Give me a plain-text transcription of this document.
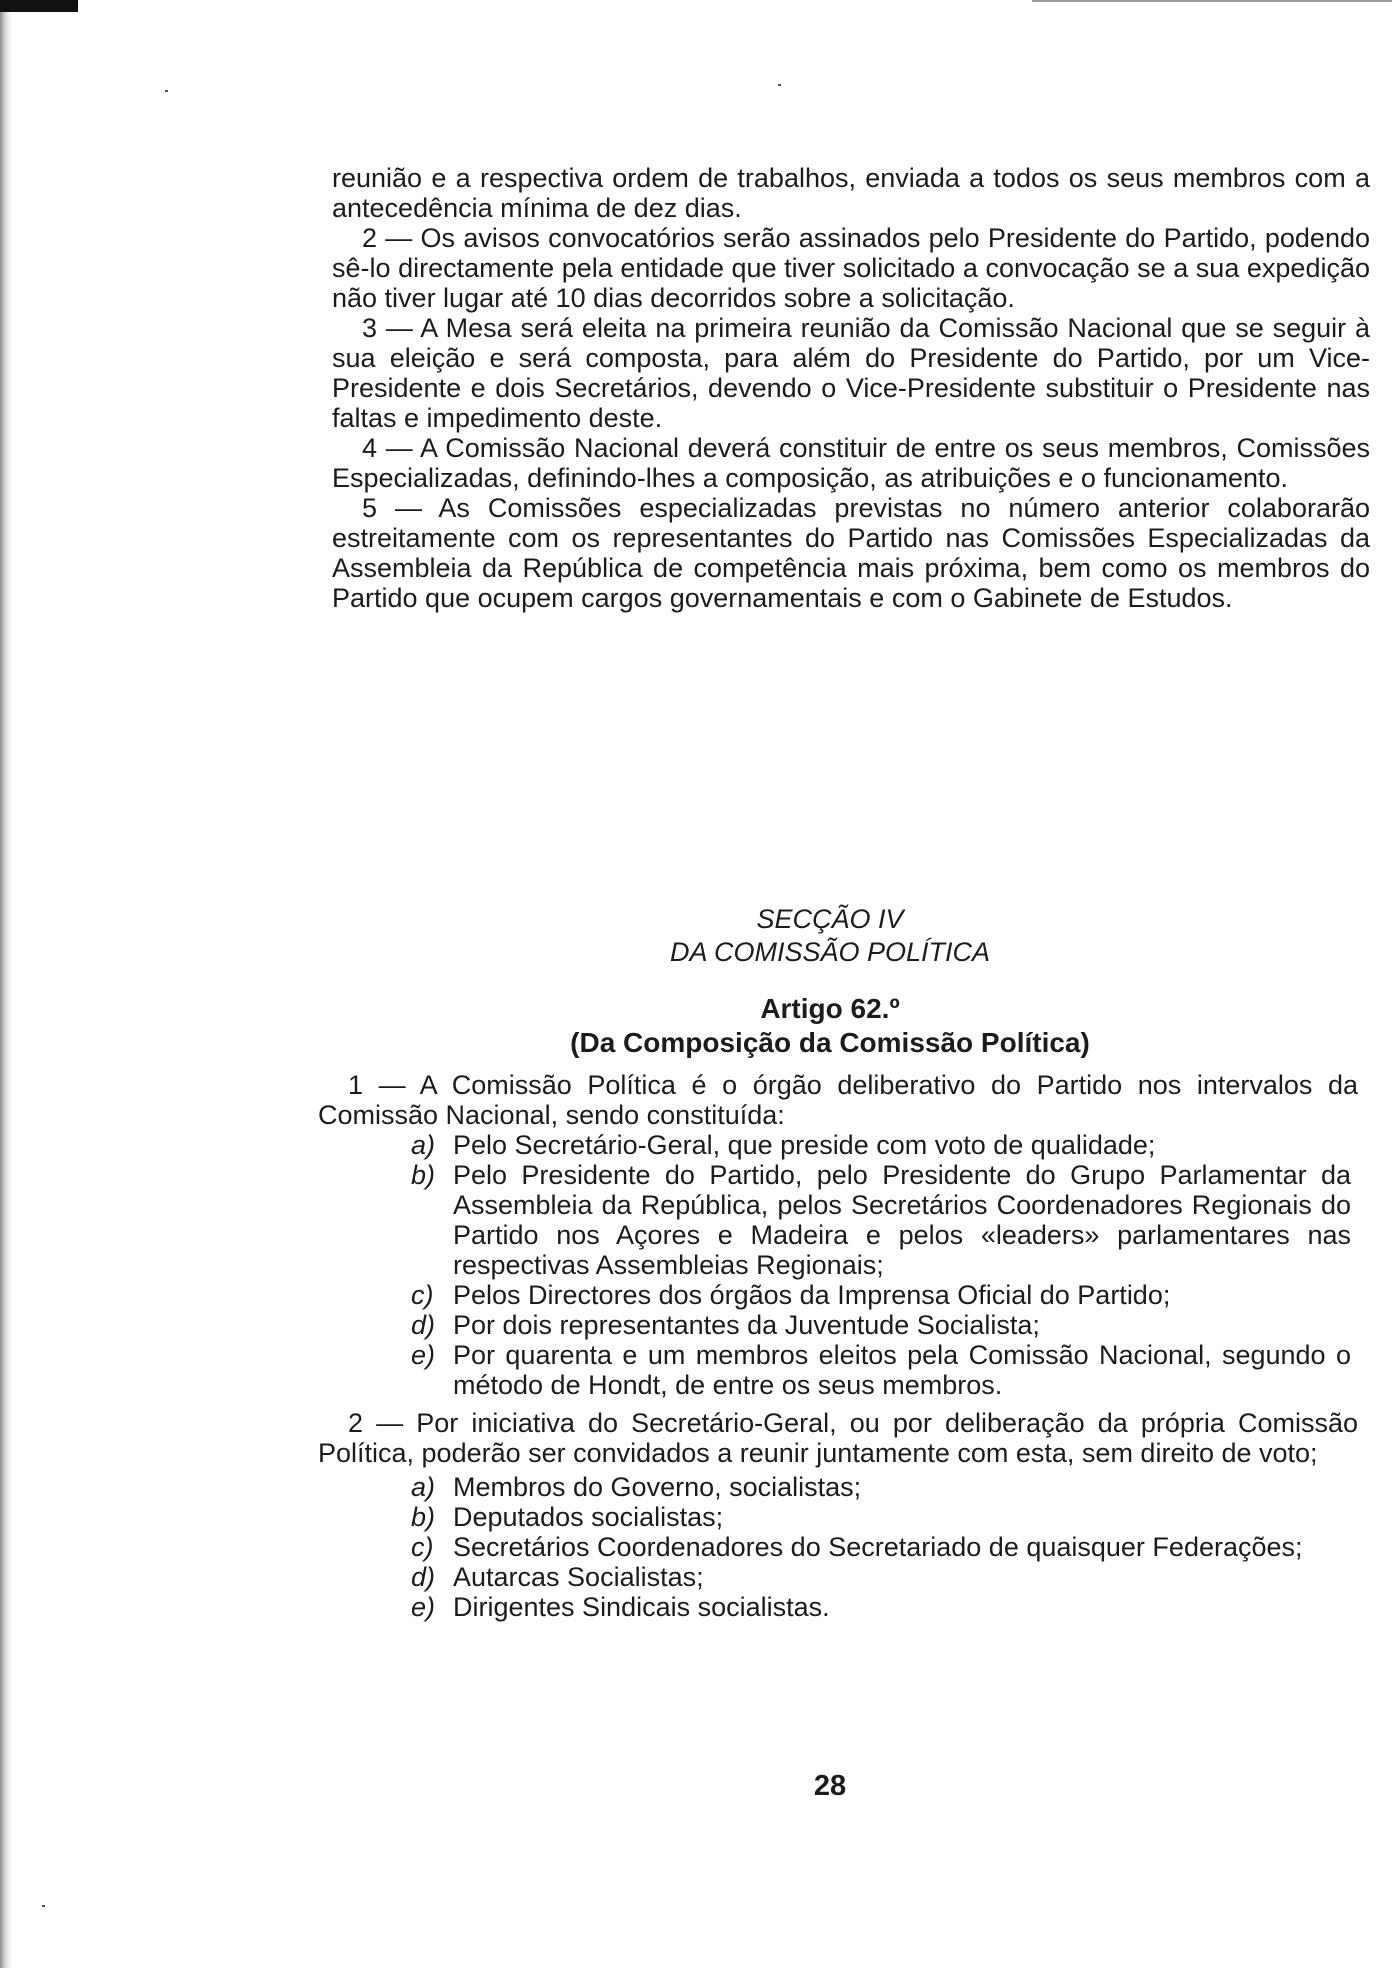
reunião e a respectiva ordem de trabalhos, enviada a todos os seus membros com a antecedência mínima de dez dias.

2 — Os avisos convocatórios serão assinados pelo Presidente do Partido, podendo sê-lo directamente pela entidade que tiver solicitado a convocação se a sua expedição não tiver lugar até 10 dias decorridos sobre a solicitação.

3 — A Mesa será eleita na primeira reunião da Comissão Nacional que se seguir à sua eleição e será composta, para além do Presidente do Partido, por um Vice-Presidente e dois Secretários, devendo o Vice-Presidente substituir o Presidente nas faltas e impedimento deste.

4 — A Comissão Nacional deverá constituir de entre os seus membros, Comissões Especializadas, definindo-lhes a composição, as atribuições e o funcionamento.

5 — As Comissões especializadas previstas no número anterior colaborarão estreitamente com os representantes do Partido nas Comissões Especializadas da Assembleia da República de competência mais próxima, bem como os membros do Partido que ocupem cargos governamentais e com o Gabinete de Estudos.

SECÇÃO IV
DA COMISSÃO POLÍTICA
Artigo 62.º
(Da Composição da Comissão Política)

1 — A Comissão Política é o órgão deliberativo do Partido nos intervalos da Comissão Nacional, sendo constituída:

a) Pelo Secretário-Geral, que preside com voto de qualidade;
b) Pelo Presidente do Partido, pelo Presidente do Grupo Parlamentar da Assembleia da República, pelos Secretários Coordenadores Regionais do Partido nos Açores e Madeira e pelos «leaders» parlamentares nas respectivas Assembleias Regionais;
c) Pelos Directores dos órgãos da Imprensa Oficial do Partido;
d) Por dois representantes da Juventude Socialista;
e) Por quarenta e um membros eleitos pela Comissão Nacional, segundo o método de Hondt, de entre os seus membros.

2 — Por iniciativa do Secretário-Geral, ou por deliberação da própria Comissão Política, poderão ser convidados a reunir juntamente com esta, sem direito de voto;

a) Membros do Governo, socialistas;
b) Deputados socialistas;
c) Secretários Coordenadores do Secretariado de quaisquer Federações;
d) Autarcas Socialistas;
e) Dirigentes Sindicais socialistas.

28
